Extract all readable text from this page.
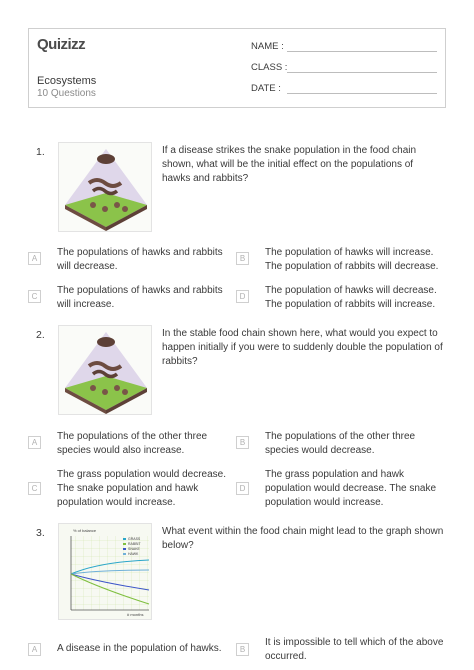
Quizizz
Ecosystems
10 Questions
NAME :
CLASS :
DATE :
1.	If a disease strikes the snake population in the food chain shown, what will be the initial effect on the populations of hawks and rabbits?
A
The populations of hawks and rabbits will decrease.
B
The population of hawks will increase. The population of rabbits will decrease.
C
The populations of hawks and rabbits will increase.
D
The population of hawks will decrease. The population of rabbits will increase.
2.	In the stable food chain shown here, what would you expect to happen initially if you were to suddenly double the population of rabbits?
A
The populations of the other three species would also increase.
B
The populations of the other three species would decrease.
C
The grass population would decrease. The snake population and hawk population would increase.
D
The grass population and hawk population would decrease. The snake population would increase.
3.	% of balance
# months
GRASS
RABBIT
SNAKE
HAWK
What event within the food chain might lead to the graph shown below?
A	A disease in the population of hawks.	B
It is impossible to tell which of the above occurred.
